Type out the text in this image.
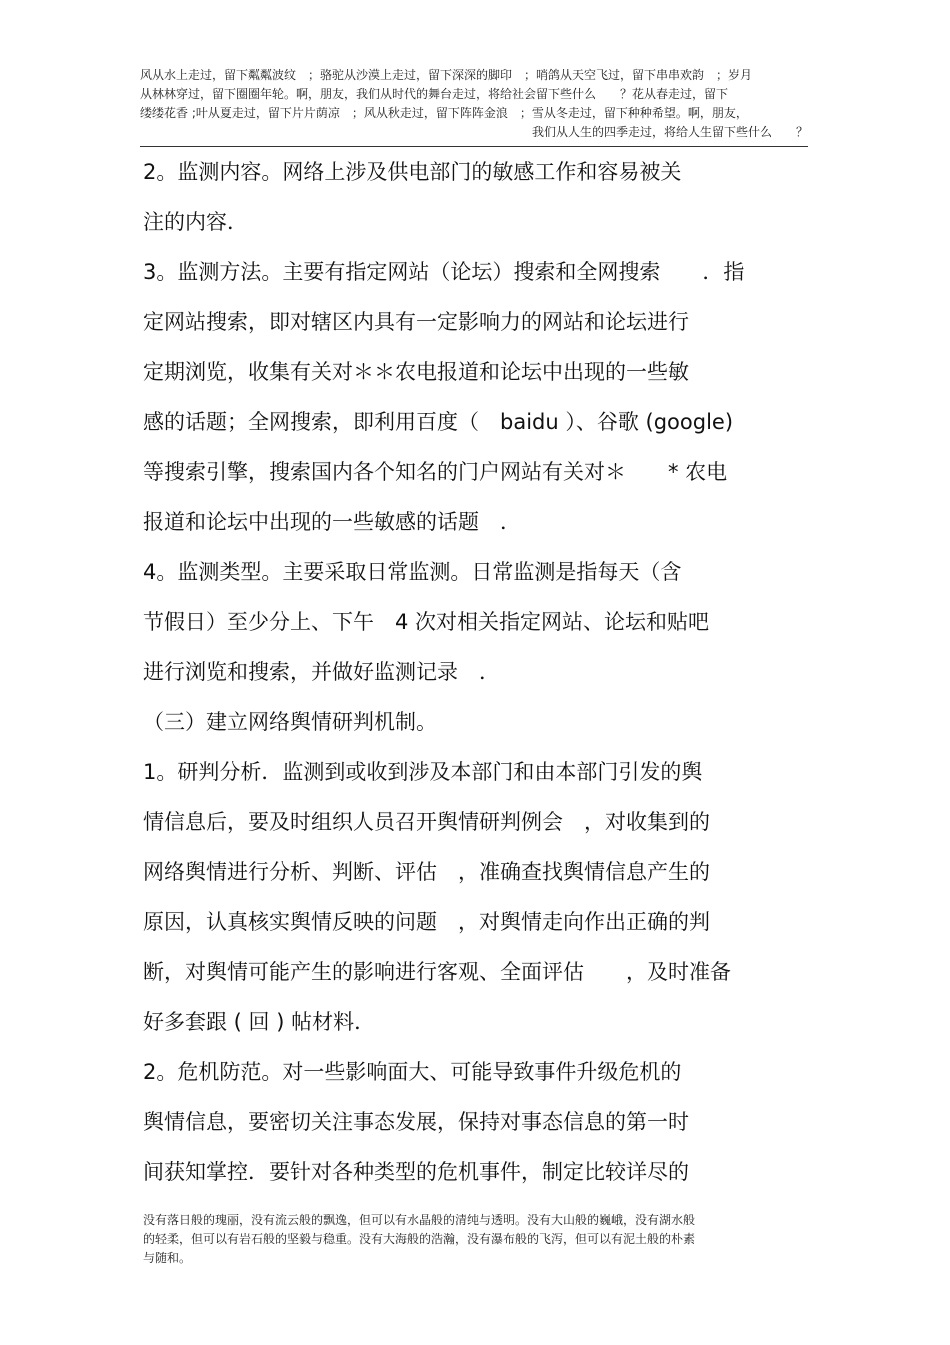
风从水上走过，留下粼粼波纹　；骆驼从沙漠上走过，留下深深的脚印　；哨鸽从天空飞过，留下串串欢韵　；岁月
从林林穿过，留下圈圈年轮。啊，朋友，我们从时代的舞台走过，将给社会留下些什么　　？花从春走过，留下
缕缕花香 ;叶从夏走过，留下片片荫凉　；风从秋走过，留下阵阵金浪　；雪从冬走过，留下种种希望。啊，朋友，
我们从人生的四季走过，将给人生留下些什么　　？
2。监测内容。网络上涉及供电部门的敏感工作和容易被关
注的内容．
3。监测方法。主要有指定网站（论坛）搜索和全网搜索　　．指
定网站搜索，即对辖区内具有一定影响力的网站和论坛进行
定期浏览，收集有关对＊＊农电报道和论坛中出现的一些敏
感的话题；全网搜索，即利用百度（　baidu ）、谷歌 (google)
等搜索引擎，搜索国内各个知名的门户网站有关对＊　　* 农电
报道和论坛中出现的一些敏感的话题　．
4。监测类型。主要采取日常监测。日常监测是指每天（含
节假日）至少分上、下午　4 次对相关指定网站、论坛和贴吧
进行浏览和搜索，并做好监测记录　．
（三）建立网络舆情研判机制。
1。研判分析．监测到或收到涉及本部门和由本部门引发的舆
情信息后，要及时组织人员召开舆情研判例会　，对收集到的
网络舆情进行分析、判断、评估　，准确查找舆情信息产生的
原因，认真核实舆情反映的问题　，对舆情走向作出正确的判
断，对舆情可能产生的影响进行客观、全面评估　　，及时准备
好多套跟 ( 回 ) 帖材料．
2。危机防范。对一些影响面大、可能导致事件升级危机的
舆情信息，要密切关注事态发展，保持对事态信息的第一时
间获知掌控．要针对各种类型的危机事件，制定比较详尽的
没有落日般的瑰丽，没有流云般的飘逸，但可以有水晶般的清纯与透明。没有大山般的巍峨，没有湖水般
的轻柔，但可以有岩石般的坚毅与稳重。没有大海般的浩瀚，没有瀑布般的飞泻，但可以有泥土般的朴素
与随和。
